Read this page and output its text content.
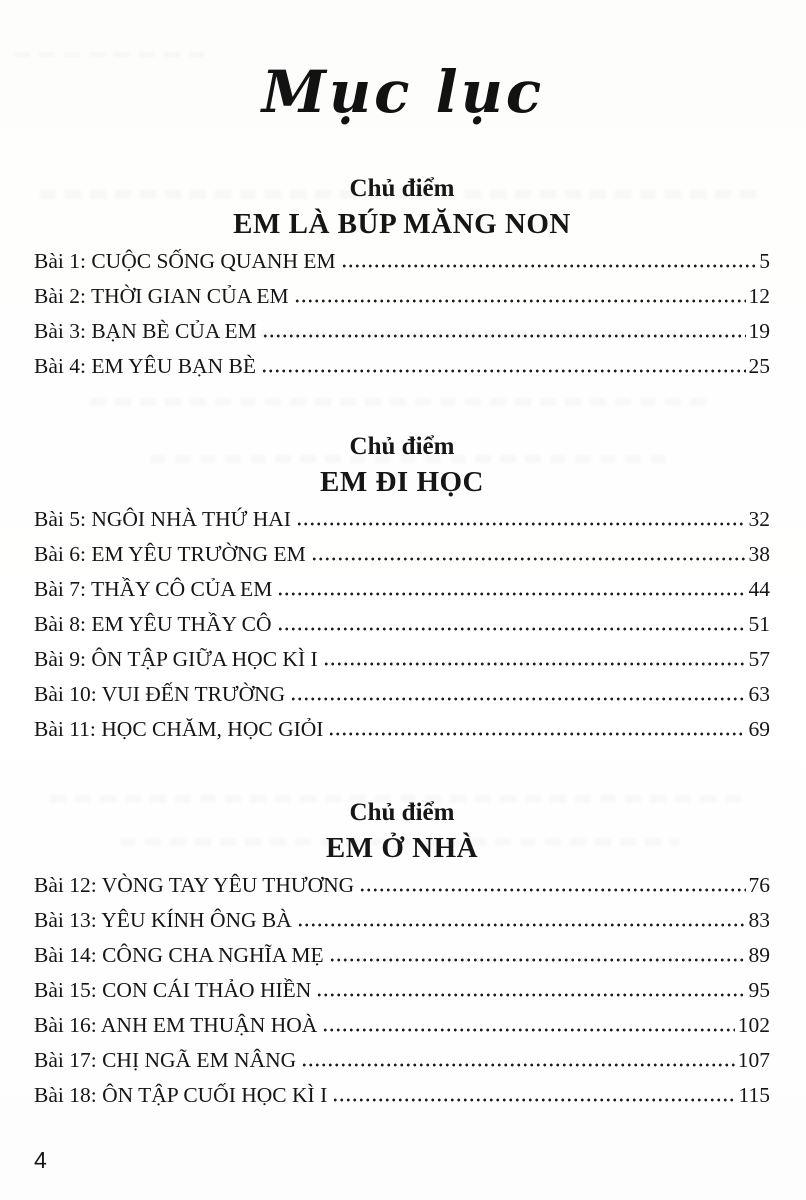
Mục lục
Chủ điểm
EM LÀ BÚP MĂNG NON
Bài 1: CUỘC SỐNG QUANH EM	5
Bài 2: THỜI GIAN CỦA EM	12
Bài 3: BẠN BÈ CỦA EM	19
Bài 4: EM YÊU BẠN BÈ	25
Chủ điểm
EM ĐI HỌC
Bài 5: NGÔI NHÀ THỨ HAI	32
Bài 6: EM YÊU TRƯỜNG EM	38
Bài 7: THẦY CÔ CỦA EM	44
Bài 8: EM YÊU THẦY CÔ	51
Bài 9: ÔN TẬP GIỮA HỌC KÌ I	57
Bài 10: VUI ĐẾN TRƯỜNG	63
Bài 11: HỌC CHĂM, HỌC GIỎI	69
Chủ điểm
EM Ở NHÀ
Bài 12: VÒNG TAY YÊU THƯƠNG	76
Bài 13: YÊU KÍNH ÔNG BÀ	83
Bài 14: CÔNG CHA NGHĨA MẸ	89
Bài 15: CON CÁI THẢO HIỀN	95
Bài 16: ANH EM THUẬN HOÀ	102
Bài 17: CHỊ NGÃ EM NÂNG	107
Bài 18: ÔN TẬP CUỐI HỌC KÌ I	115
4
